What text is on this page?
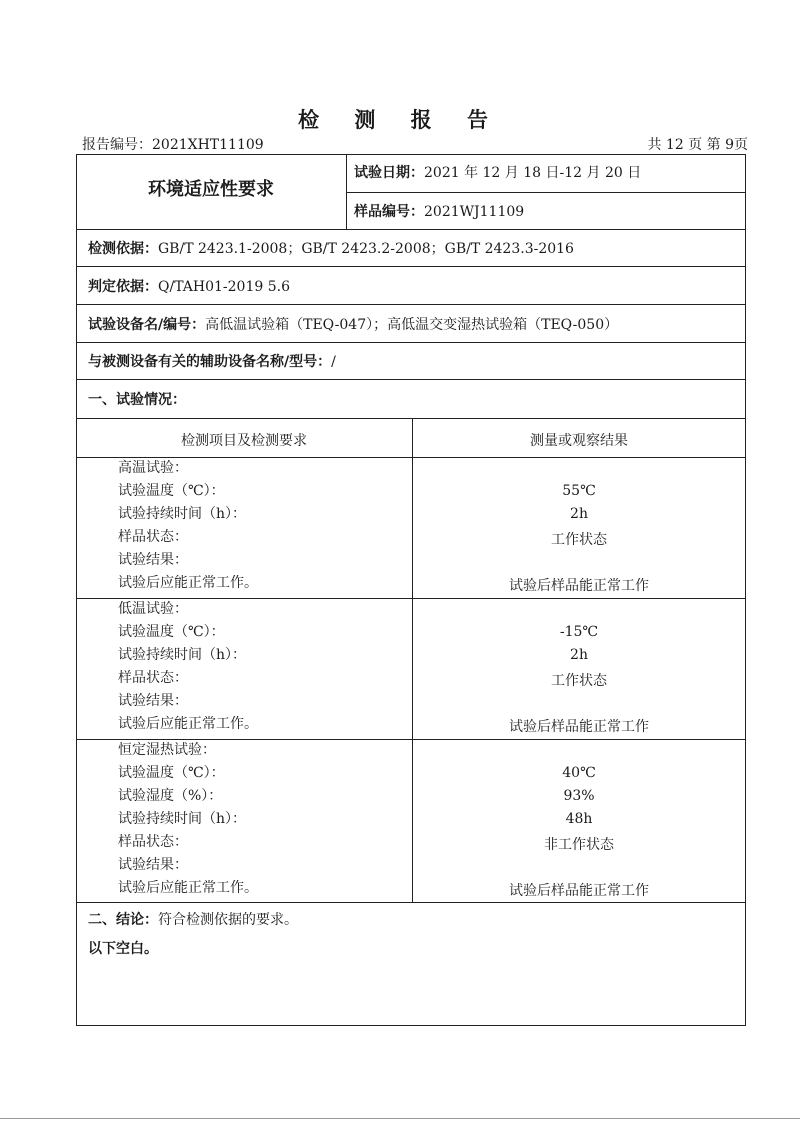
检 测 报 告
报告编号：2021XHT11109	共 12 页 第 9页
环境适应性要求
试验日期：2021 年 12 月 18 日-12 月 20 日
样品编号：2021WJ11109
检测依据：GB/T 2423.1-2008；GB/T 2423.2-2008；GB/T 2423.3-2016
判定依据：Q/TAH01-2019 5.6
试验设备名/编号：高低温试验箱（TEQ-047）；高低温交变湿热试验箱（TEQ-050）
与被测设备有关的辅助设备名称/型号：/
一、试验情况：
检测项目及检测要求	测量或观察结果
高温试验：
试验温度（℃）：	55℃
试验持续时间（h）：	2h
样品状态：	工作状态
试验结果：
试验后应能正常工作。	试验后样品能正常工作
低温试验：
试验温度（℃）：	-15℃
试验持续时间（h）：	2h
样品状态：	工作状态
试验结果：
试验后应能正常工作。	试验后样品能正常工作
恒定湿热试验：
试验温度（℃）：	40℃
试验湿度（%）：	93%
试验持续时间（h）：	48h
样品状态：	非工作状态
试验结果：
试验后应能正常工作。	试验后样品能正常工作
二、结论：符合检测依据的要求。
以下空白。
